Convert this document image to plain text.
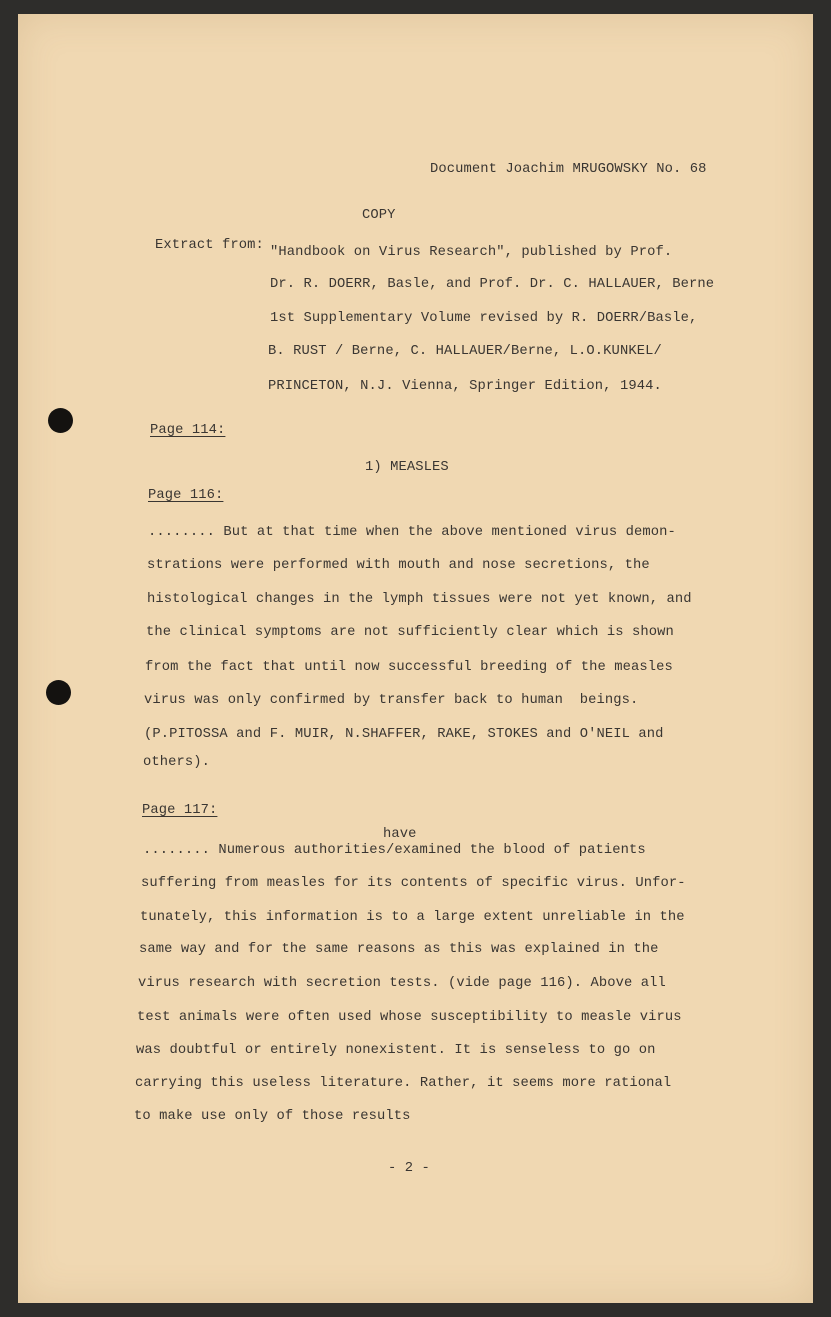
Document Joachim MRUGOWSKY No. 68
COPY
Extract from: "Handbook on Virus Research", published by Prof.
Dr. R. DOERR, Basle, and Prof. Dr. C. HALLAUER, Berne
1st Supplementary Volume revised by R. DOERR/Basle,
B. RUST / Berne, C. HALLAUER/Berne, L.O.KUNKEL/
PRINCETON, N.J. Vienna, Springer Edition, 1944.
Page 114:
1) MEASLES
Page 116:
........ But at that time when the above mentioned virus demon-
strations were performed with mouth and nose secretions, the
histological changes in the lymph tissues were not yet known, and
the clinical symptoms are not sufficiently clear which is shown
from the fact that until now successful breeding of the measles
virus was only confirmed by transfer back to human  beings.
(P.PITOSSA and F. MUIR, N.SHAFFER, RAKE, STOKES and O'NEIL and
others).
Page 117:
have
........ Numerous authorities/examined the blood of patients
suffering from measles for its contents of specific virus. Unfor-
tunately, this information is to a large extent unreliable in the
same way and for the same reasons as this was explained in the
virus research with secretion tests. (vide page 116). Above all
test animals were often used whose susceptibility to measle virus
was doubtful or entirely nonexistent. It is senseless to go on
carrying this useless literature. Rather, it seems more rational
to make use only of those results
- 2 -
